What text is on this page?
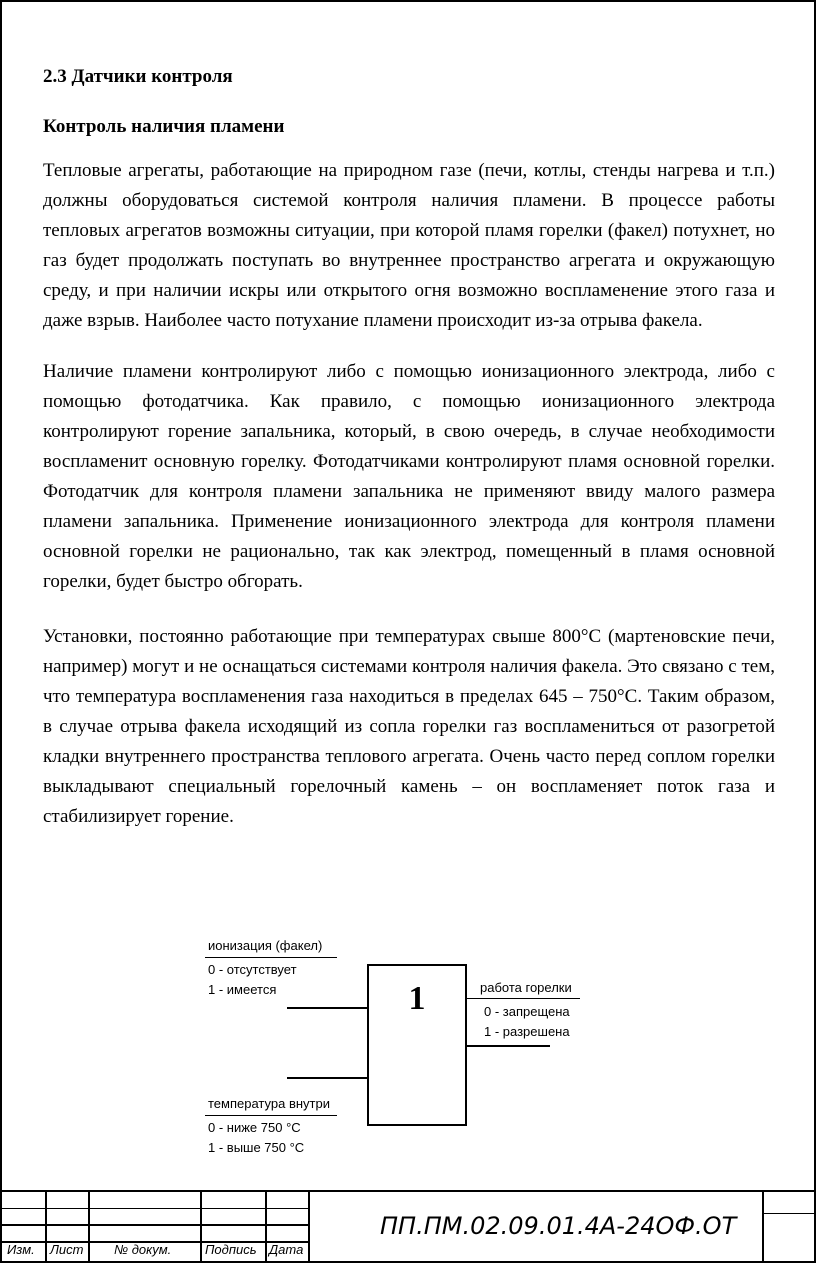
2.3 Датчики контроля

Контроль наличия пламени

Тепловые агрегаты, работающие на природном газе (печи, котлы, стенды нагрева и т.п.) должны оборудоваться системой контроля наличия пламени. В процессе работы тепловых агрегатов возможны ситуации, при которой пламя горелки (факел) потухнет, но газ будет продолжать поступать во внутреннее пространство агрегата и окружающую среду, и при наличии искры или открытого огня возможно воспламенение этого газа и даже взрыв. Наиболее часто потухание пламени происходит из-за отрыва факела.

Наличие пламени контролируют либо с помощью ионизационного электрода, либо с помощью фотодатчика. Как правило, с помощью ионизационного электрода контролируют горение запальника, который, в свою очередь, в случае необходимости воспламенит основную горелку. Фотодатчиками контролируют пламя основной горелки. Фотодатчик для контроля пламени запальника не применяют ввиду малого размера пламени запальника. Применение ионизационного электрода для контроля пламени основной горелки не рационально, так как электрод, помещенный в пламя основной горелки, будет быстро обгорать.

Установки, постоянно работающие при температурах свыше 800°С (мартеновские печи, например) могут и не оснащаться системами контроля наличия факела. Это связано с тем, что температура воспламенения газа находиться в пределах 645 – 750°С. Таким образом, в случае отрыва факела исходящий из сопла горелки газ воспламениться от разогретой кладки внутреннего пространства теплового агрегата. Очень часто перед соплом горелки выкладывают специальный горелочный камень – он воспламеняет поток газа и стабилизирует горение.

1
ионизация (факел)
0 - отсутствует
1 - имеется
температура внутри
0 - ниже 750 °С
1 - выше 750 °С
работа горелки
0 - запрещена
1 - разрешена
Изм. Лист № докум.	Подпись Дата
ПП.ПМ.02.09.01.4А-24ОФ.ОТ
